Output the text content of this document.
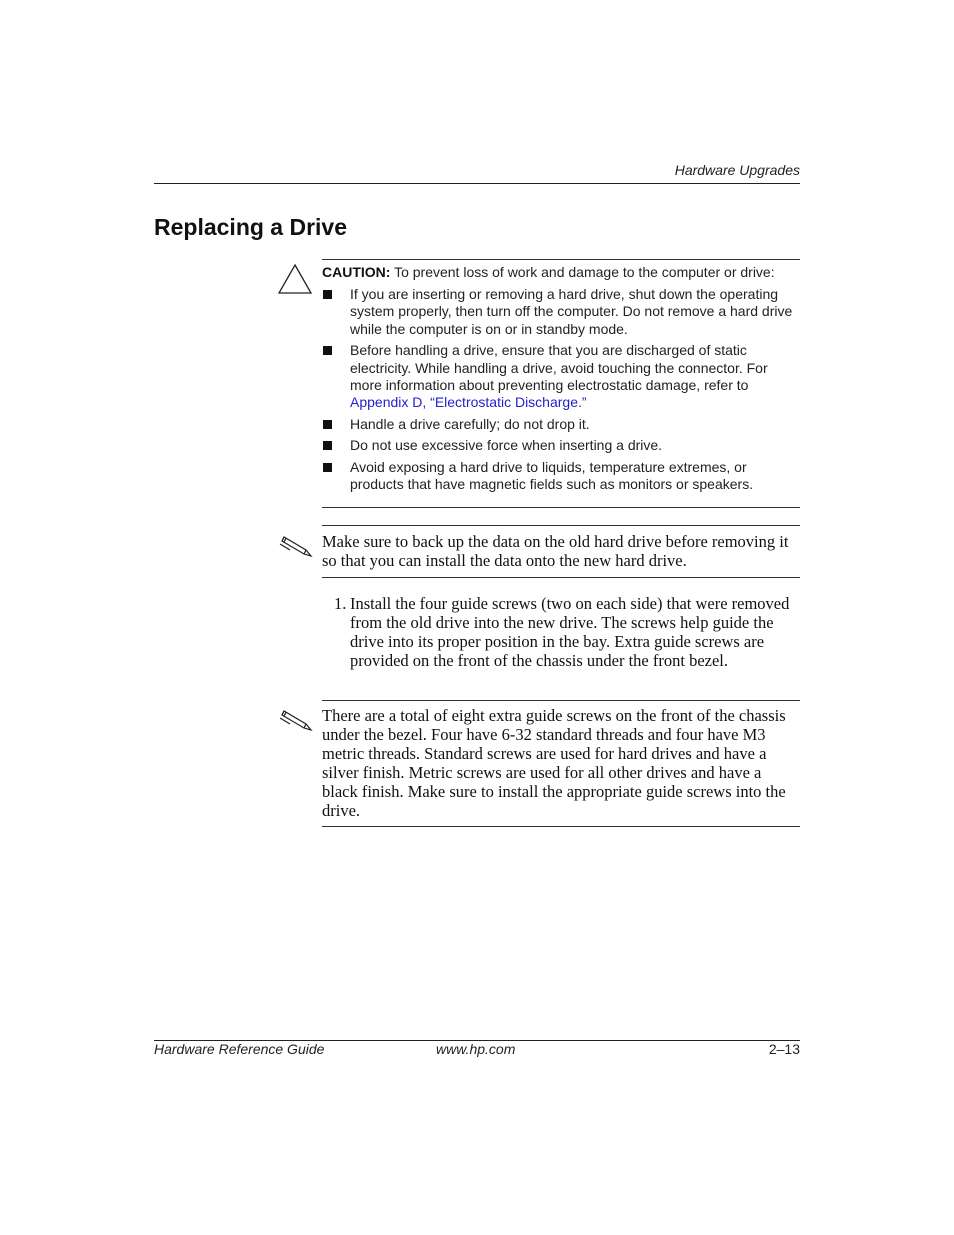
Hardware Upgrades
Replacing a Drive
CAUTION: To prevent loss of work and damage to the computer or drive:
If you are inserting or removing a hard drive, shut down the operating system properly, then turn off the computer. Do not remove a hard drive while the computer is on or in standby mode.
Before handling a drive, ensure that you are discharged of static electricity. While handling a drive, avoid touching the connector. For more information about preventing electrostatic damage, refer to Appendix D, “Electrostatic Discharge.”
Handle a drive carefully; do not drop it.
Do not use excessive force when inserting a drive.
Avoid exposing a hard drive to liquids, temperature extremes, or products that have magnetic fields such as monitors or speakers.

Make sure to back up the data on the old hard drive before removing it so that you can install the data onto the new hard drive.

1. Install the four guide screws (two on each side) that were removed from the old drive into the new drive. The screws help guide the drive into its proper position in the bay. Extra guide screws are provided on the front of the chassis under the front bezel.

There are a total of eight extra guide screws on the front of the chassis under the bezel. Four have 6-32 standard threads and four have M3 metric threads. Standard screws are used for hard drives and have a silver finish. Metric screws are used for all other drives and have a black finish. Make sure to install the appropriate guide screws into the drive.

Hardware Reference Guide	www.hp.com	2–13
